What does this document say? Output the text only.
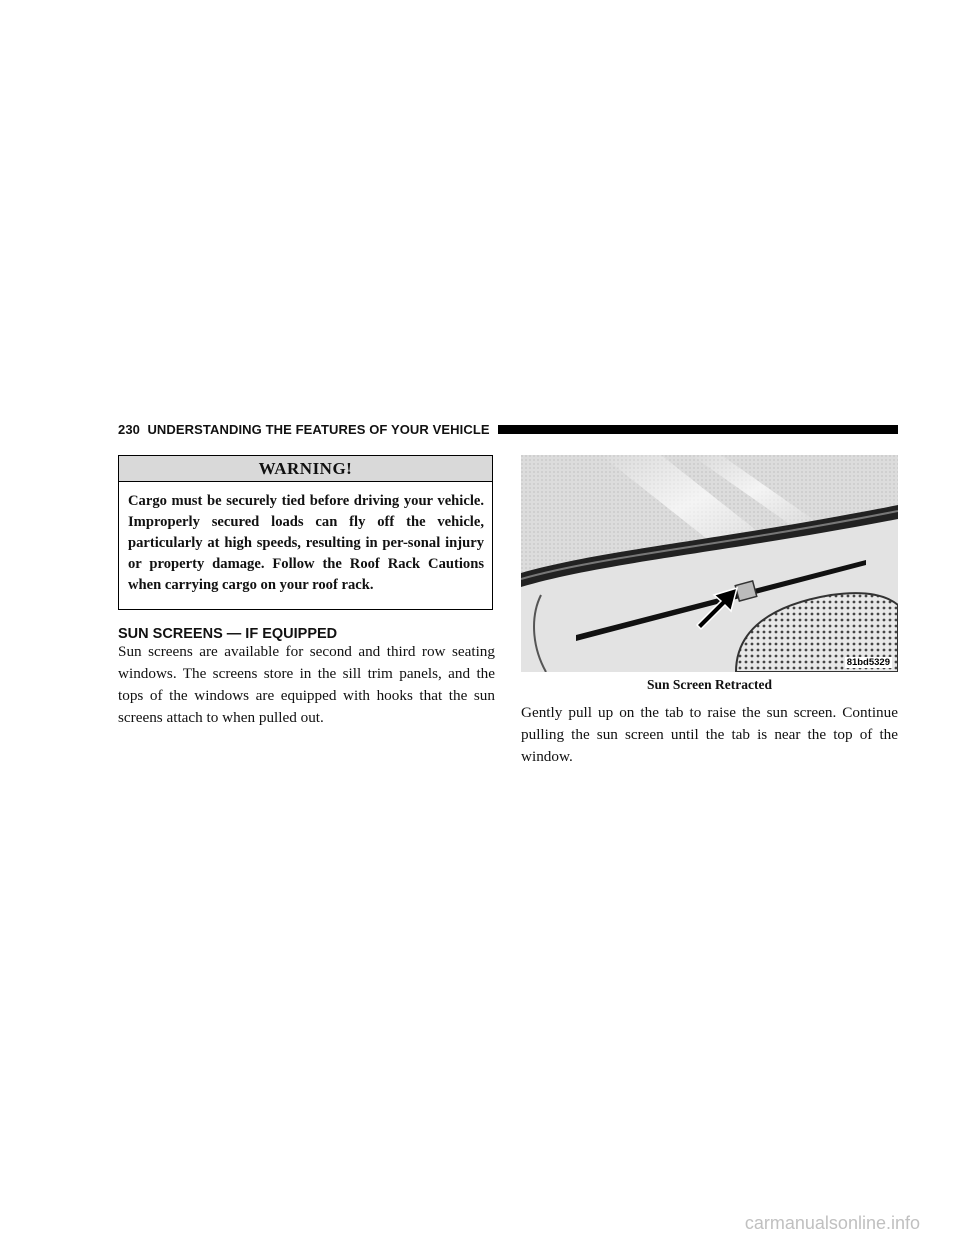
230 UNDERSTANDING THE FEATURES OF YOUR VEHICLE
WARNING!
Cargo must be securely tied before driving your vehicle. Improperly secured loads can fly off the vehicle, particularly at high speeds, resulting in per-sonal injury or property damage. Follow the Roof Rack Cautions when carrying cargo on your roof rack.
SUN SCREENS — IF EQUIPPED
Sun screens are available for second and third row seating windows. The screens store in the sill trim panels, and the tops of the windows are equipped with hooks that the sun screens attach to when pulled out.
81bd5329
Sun Screen Retracted
Gently pull up on the tab to raise the sun screen. Continue pulling the sun screen until the tab is near the top of the window.
carmanualsonline.info
